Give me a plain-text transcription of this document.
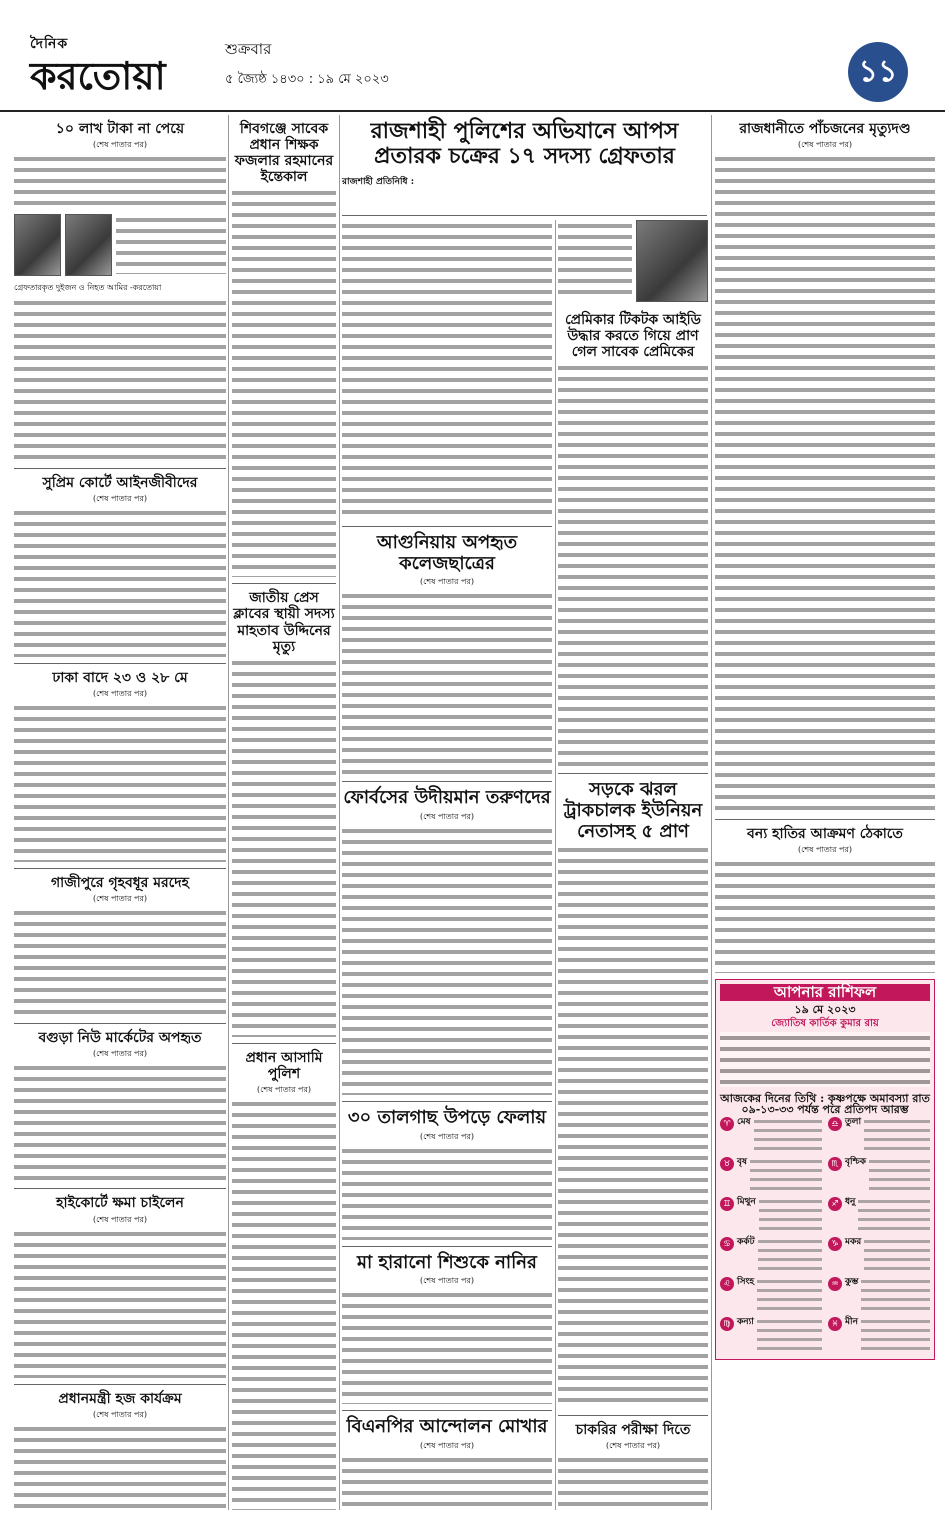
দৈনিক
করতোয়া
শুক্রবার
৫ জ্যৈষ্ঠ ১৪৩০ : ১৯ মে ২০২৩	১১
১০ লাখ টাকা না পেয়ে
(শেষ পাতার পর)
গ্রেফতারকৃত দুইজন ও নিহত আমির -করতোয়া
সুপ্রিম কোর্টে আইনজীবীদের
(শেষ পাতার পর)
ঢাকা বাদে ২৩ ও ২৮ মে
(শেষ পাতার পর)
গাজীপুরে গৃহবধূর মরদেহ
(শেষ পাতার পর)
বগুড়া নিউ মার্কেটের অপহৃত
(শেষ পাতার পর)
হাইকোর্টে ক্ষমা চাইলেন
(শেষ পাতার পর)
প্রধানমন্ত্রী হজ কার্যক্রম
(শেষ পাতার পর)
শিবগঞ্জে সাবেক প্রধান শিক্ষক ফজলার রহমানের ইন্তেকাল
জাতীয় প্রেস ক্লাবের স্থায়ী সদস্য মাহতাব উদ্দিনের মৃত্যু
প্রধান আসামি পুলিশ
(শেষ পাতার পর)
রাজশাহী পুলিশের অভিযানে আপস প্রতারক চক্রের ১৭ সদস্য গ্রেফতার
রাজশাহী প্রতিনিধি :
আগুনিয়ায় অপহৃত কলেজছাত্রের
(শেষ পাতার পর)
ফোর্বসের উদীয়মান তরুণদের
(শেষ পাতার পর)
৩০ তালগাছ উপড়ে ফেলায়
(শেষ পাতার পর)
মা হারানো শিশুকে নানির
(শেষ পাতার পর)
বিএনপির আন্দোলন মোখার
(শেষ পাতার পর)
প্রেমিকার টিকটক আইডি উদ্ধার করতে গিয়ে প্রাণ গেল সাবেক প্রেমিকের
সড়কে ঝরল ট্রাকচালক ইউনিয়ন নেতাসহ ৫ প্রাণ
চাকরির পরীক্ষা দিতে
(শেষ পাতার পর)
রাজধানীতে পাঁচজনের মৃত্যুদণ্ড
(শেষ পাতার পর)
বন্য হাতির আক্রমণ ঠেকাতে
(শেষ পাতার পর)
আপনার রাশিফল
১৯ মে ২০২৩
জ্যোতিষ কার্তিক কুমার রায়
আজকের দিনের তিথি : কৃষ্ণপক্ষে অমাবস্যা রাত ০৯-১৩-৩৩ পর্যন্ত পরে প্রতিপদ আরম্ভ
♈ মেষ	♎ তুলা
♉ বৃষ	♏ বৃশ্চিক
♊ মিথুন	♐ ধনু
♋ কর্কট	♑ মকর
♌ সিংহ	♒ কুম্ভ
♍ কন্যা	♓ মীন
